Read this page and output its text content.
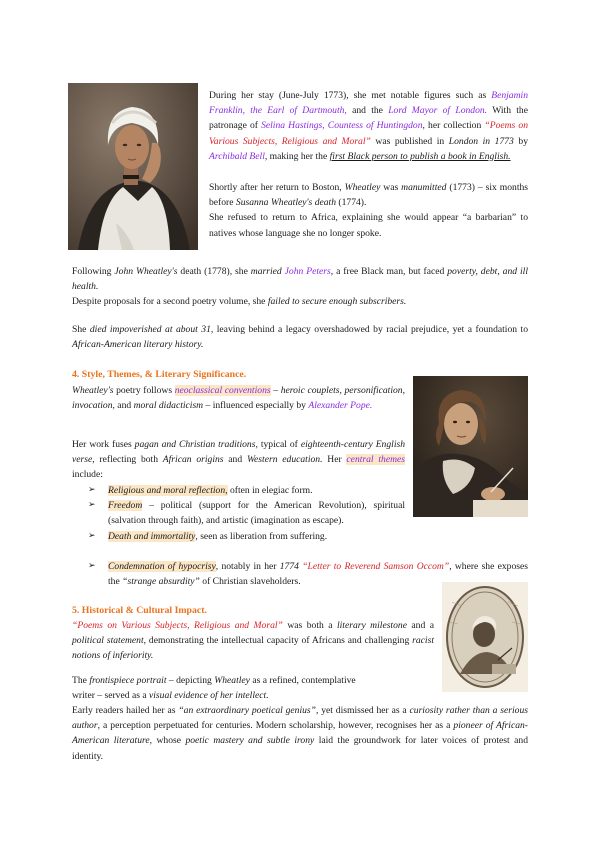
During her stay (June-July 1773), she met notable figures such as Benjamin Franklin, the Earl of Dartmouth, and the Lord Mayor of London. With the patronage of Selina Hastings, Countess of Huntingdon, her collection “Poems on Various Subjects, Religious and Moral” was published in London in 1773 by Archibald Bell, making her the first Black person to publish a book in English.

Shortly after her return to Boston, Wheatley was manumitted (1773) – six months before Susanna Wheatley's death (1774).

She refused to return to Africa, explaining she would appear “a barbarian” to natives whose language she no longer spoke.

Following John Wheatley's death (1778), she married John Peters, a free Black man, but faced poverty, debt, and ill health.

Despite proposals for a second poetry volume, she failed to secure enough subscribers.

She died impoverished at about 31, leaving behind a legacy overshadowed by racial prejudice, yet a foundation to African-American literary history.
4. Style, Themes, & Literary Significance.
Wheatley's poetry follows neoclassical conventions – heroic couplets, personification, invocation, and moral didacticism – influenced especially by Alexander Pope.
Her work fuses pagan and Christian traditions, typical of eighteenth-century English verse, reflecting both African origins and Western education. Her central themes include:
➢ Religious and moral reflection, often in elegiac form.
➢ Freedom – political (support for the American Revolution), spiritual (salvation through faith), and artistic (imagination as escape).
➢ Death and immortality, seen as liberation from suffering.
➢ Condemnation of hypocrisy, notably in her 1774 “Letter to Reverend Samson Occom”, where she exposes the “strange absurdity” of Christian slaveholders.
5. Historical & Cultural Impact.
“Poems on Various Subjects, Religious and Moral” was both a literary milestone and a political statement, demonstrating the intellectual capacity of Africans and challenging racist notions of inferiority.
The frontispiece portrait – depicting Wheatley as a refined, contemplative writer – served as a visual evidence of her intellect.
Early readers hailed her as “an extraordinary poetical genius”, yet dismissed her as a curiosity rather than a serious author, a perception perpetuated for centuries. Modern scholarship, however, recognises her as a pioneer of African-American literature, whose poetic mastery and subtle irony laid the groundwork for later voices of protest and identity.
